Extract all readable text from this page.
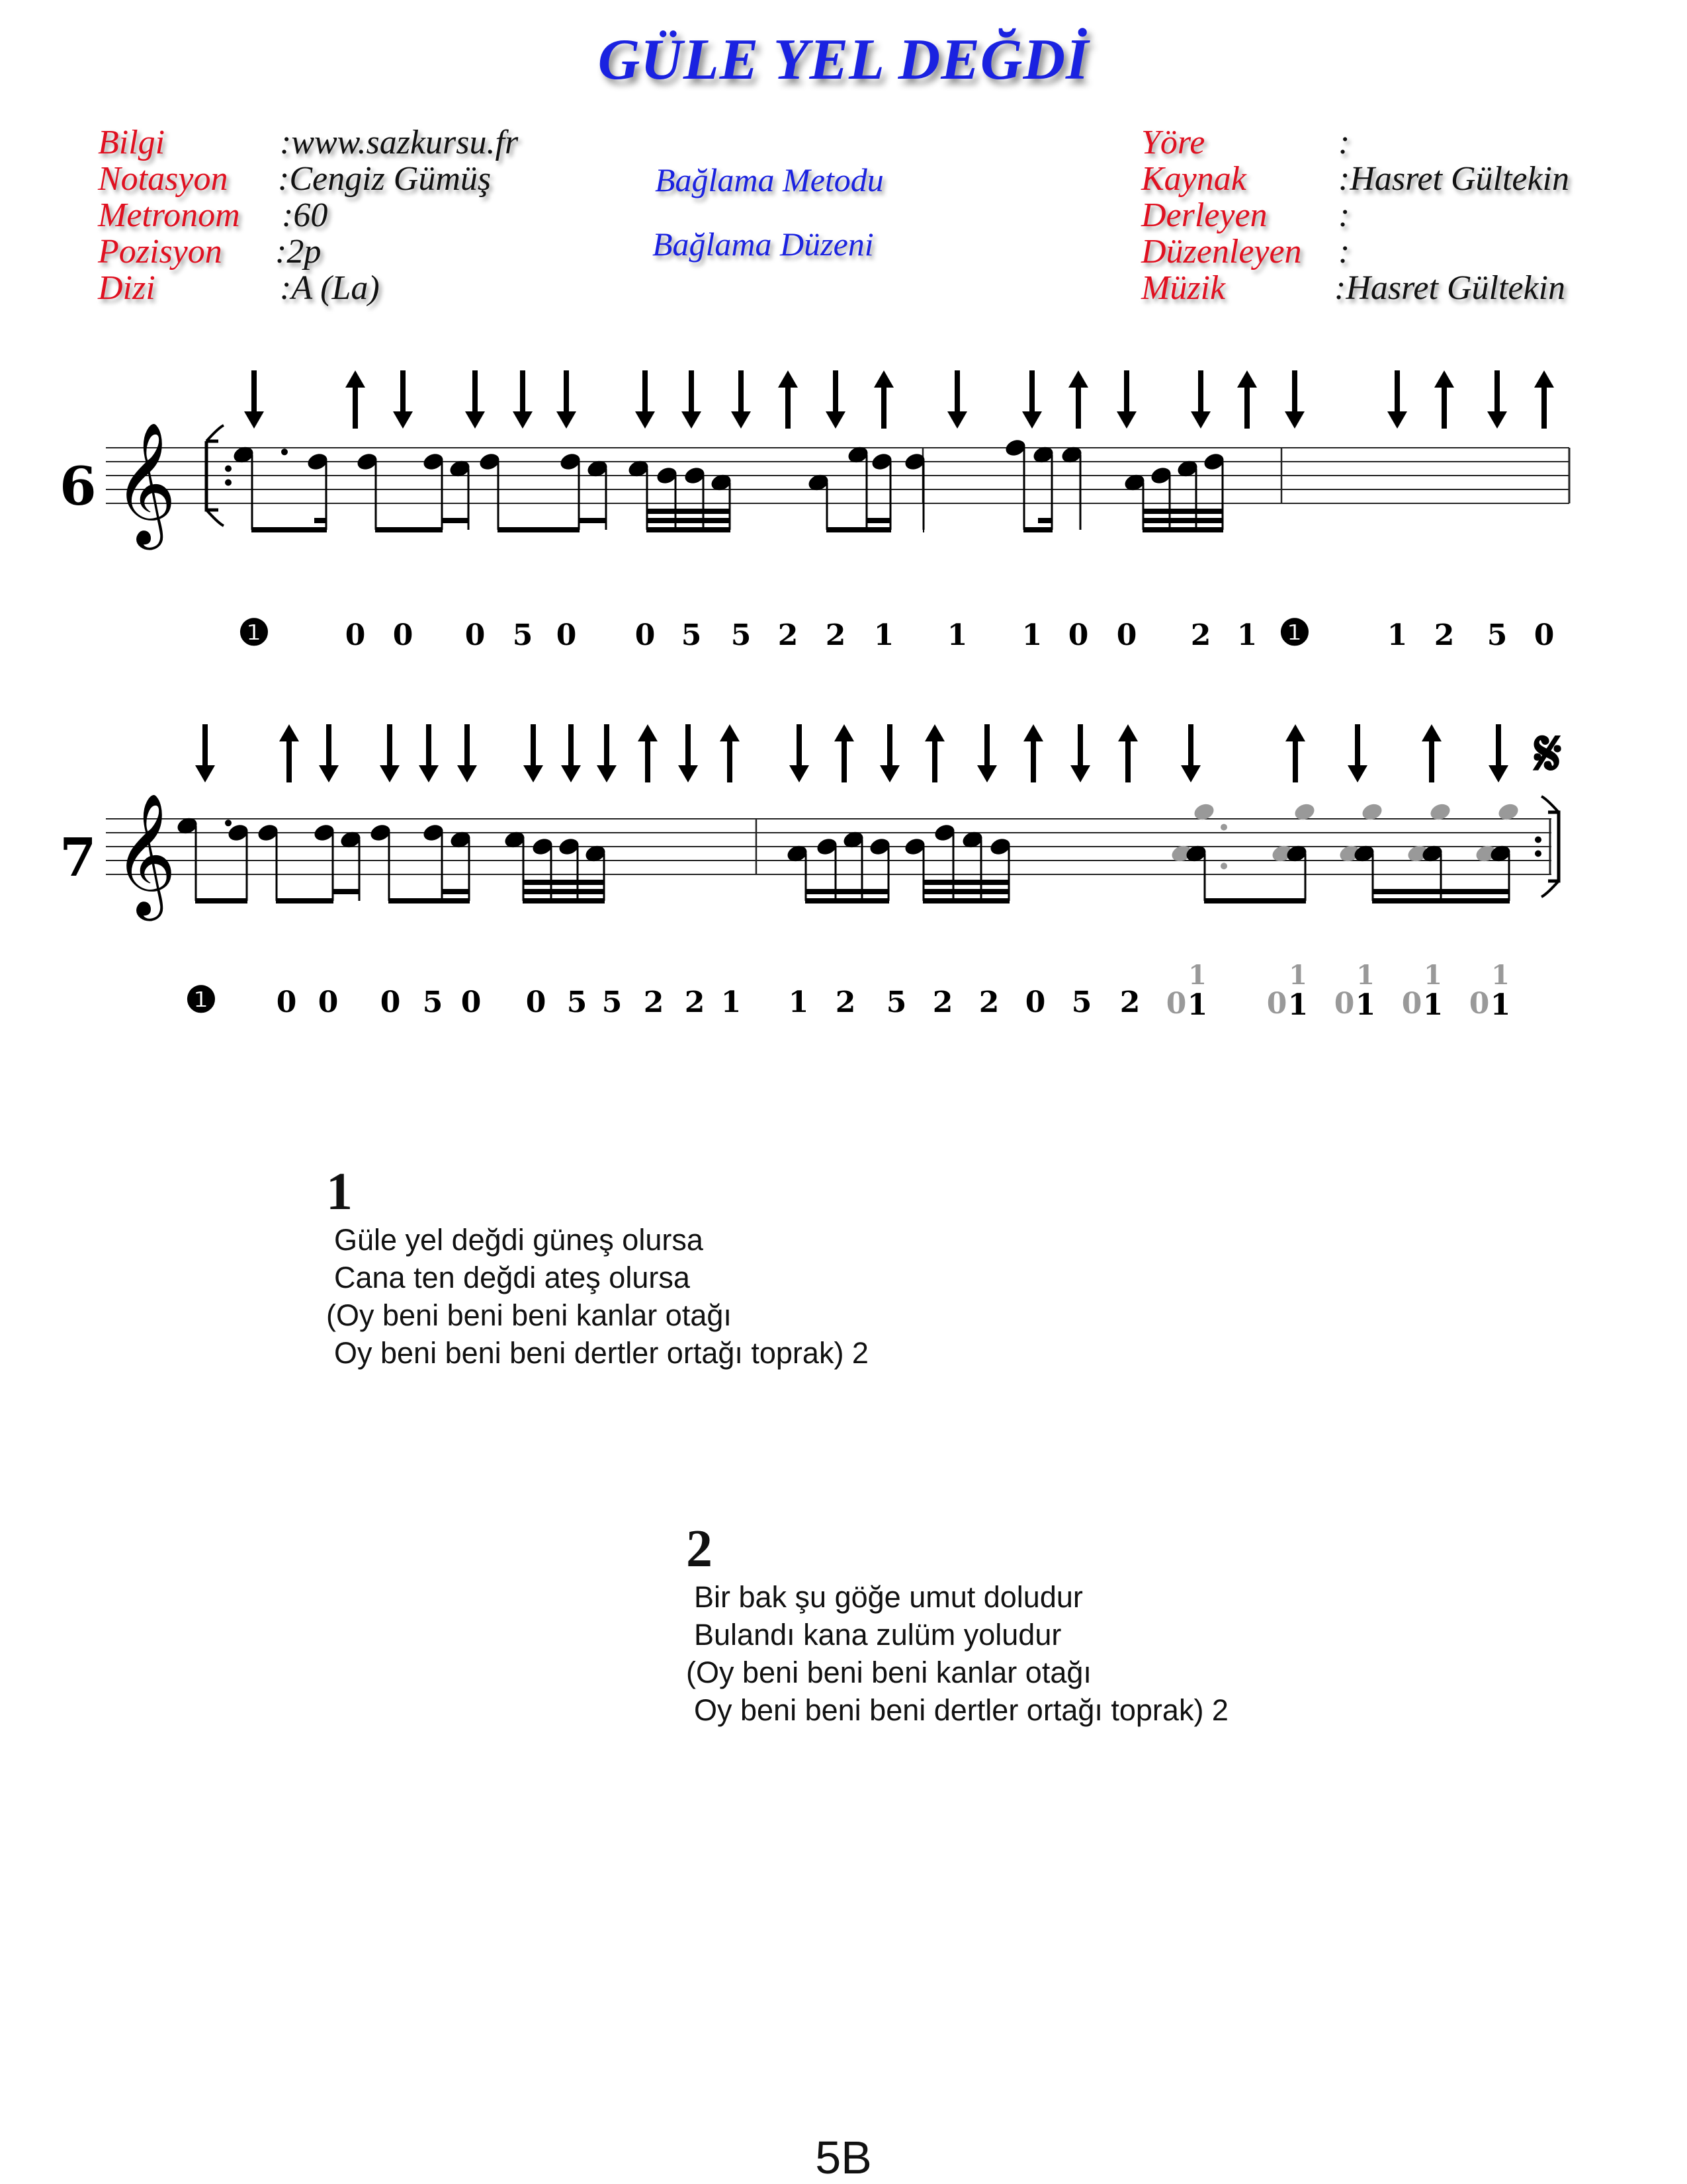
GÜLE YEL DEĞDİ
Bilgi	:www.sazkursu.fr
Notasyon :Cengiz Gümüş
Metronom :60
Pozisyon :2p
Dizi	:A (La)
Bağlama Metodu
Bağlama Düzeni
Yöre	:
Kaynak	:Hasret Gültekin
Derleyen :
Düzenleyen :
Müzik	:Hasret Gültekin
6 𝄞
❶	0 0 0 5 0 0 5 5 2 2 1 1 1 0 0 2 1 ❶	1 2 5 0
7 𝄞
𝄋
❶ 0 0 0 5 0 0 5 5 2 2 1 1 2 5 2 2 0 5 2 0
1
1 0
1
1 0
1
1 0
1
1 0
1
1
1
Güle yel değdi güneş olursa
Cana ten değdi ateş olursa
(Oy beni beni beni kanlar otağı
Oy beni beni beni dertler ortağı toprak) 2
2
Bir bak şu göğe umut doludur
Bulandı kana zulüm yoludur
(Oy beni beni beni kanlar otağı
Oy beni beni beni dertler ortağı toprak) 2
5B
